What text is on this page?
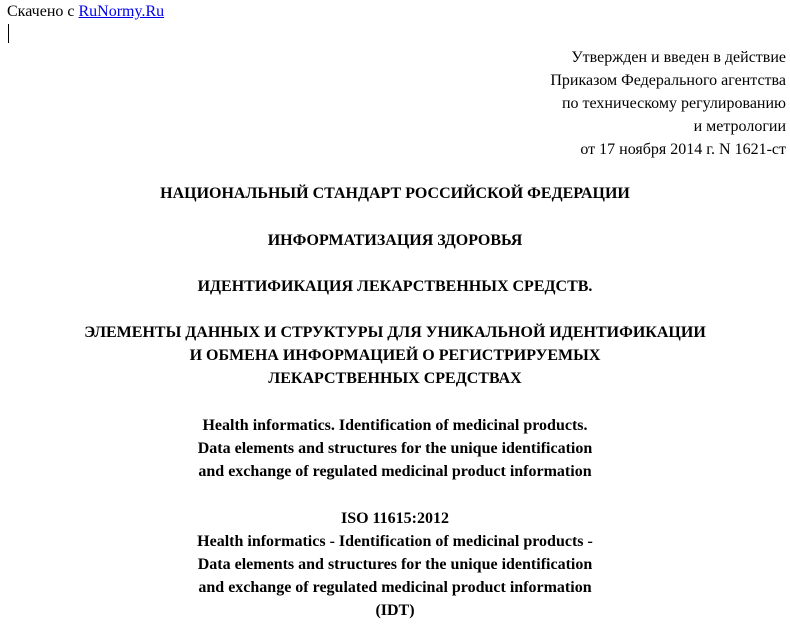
Скачено с RuNormy.Ru
Утвержден и введен в действие
Приказом Федерального агентства
по техническому регулированию
и метрологии
от 17 ноября 2014 г. N 1621-ст
НАЦИОНАЛЬНЫЙ СТАНДАРТ РОССИЙСКОЙ ФЕДЕРАЦИИ
ИНФОРМАТИЗАЦИЯ ЗДОРОВЬЯ
ИДЕНТИФИКАЦИЯ ЛЕКАРСТВЕННЫХ СРЕДСТВ.
ЭЛЕМЕНТЫ ДАННЫХ И СТРУКТУРЫ ДЛЯ УНИКАЛЬНОЙ ИДЕНТИФИКАЦИИ
И ОБМЕНА ИНФОРМАЦИЕЙ О РЕГИСТРИРУЕМЫХ
ЛЕКАРСТВЕННЫХ СРЕДСТВАХ
Health informatics. Identification of medicinal products.
Data elements and structures for the unique identification
and exchange of regulated medicinal product information
ISO 11615:2012
Health informatics - Identification of medicinal products -
Data elements and structures for the unique identification
and exchange of regulated medicinal product information
(IDT)
